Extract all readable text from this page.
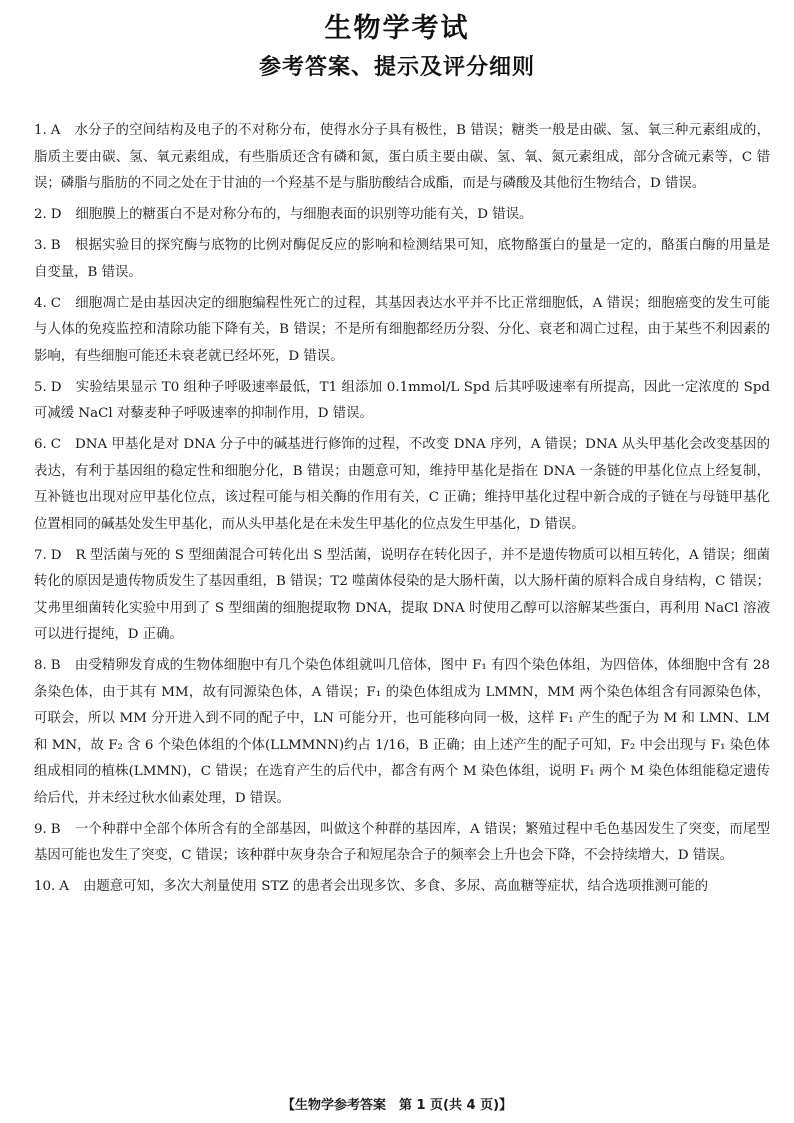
生物学考试
参考答案、提示及评分细则
1. A 水分子的空间结构及电子的不对称分布，使得水分子具有极性，B 错误；糖类一般是由碳、氢、氧三种元素组成的，脂质主要由碳、氢、氧元素组成，有些脂质还含有磷和氮，蛋白质主要由碳、氢、氧、氮元素组成，部分含硫元素等，C 错误；磷脂与脂肪的不同之处在于甘油的一个羟基不是与脂肪酸结合成酯，而是与磷酸及其他衍生物结合，D 错误。
2. D 细胞膜上的糖蛋白不是对称分布的，与细胞表面的识别等功能有关，D 错误。
3. B 根据实验目的探究酶与底物的比例对酶促反应的影响和检测结果可知，底物酪蛋白的量是一定的，酪蛋白酶的用量是自变量，B 错误。
4. C 细胞凋亡是由基因决定的细胞编程性死亡的过程，其基因表达水平并不比正常细胞低，A 错误；细胞癌变的发生可能与人体的免疫监控和清除功能下降有关，B 错误；不是所有细胞都经历分裂、分化、衰老和凋亡过程，由于某些不利因素的影响，有些细胞可能还未衰老就已经坏死，D 错误。
5. D 实验结果显示 T0 组种子呼吸速率最低，T1 组添加 0.1mmol/L Spd 后其呼吸速率有所提高，因此一定浓度的 Spd 可减缓 NaCl 对藜麦种子呼吸速率的抑制作用，D 错误。
6. C DNA 甲基化是对 DNA 分子中的碱基进行修饰的过程，不改变 DNA 序列，A 错误；DNA 从头甲基化会改变基因的表达，有利于基因组的稳定性和细胞分化，B 错误；由题意可知，维持甲基化是指在 DNA 一条链的甲基化位点上经复制，互补链也出现对应甲基化位点，该过程可能与相关酶的作用有关，C 正确；维持甲基化过程中新合成的子链在与母链甲基化位置相同的碱基处发生甲基化，而从头甲基化是在未发生甲基化的位点发生甲基化，D 错误。
7. D R 型活菌与死的 S 型细菌混合可转化出 S 型活菌，说明存在转化因子，并不是遗传物质可以相互转化，A 错误；细菌转化的原因是遗传物质发生了基因重组，B 错误；T2 噬菌体侵染的是大肠杆菌，以大肠杆菌的原料合成自身结构，C 错误；艾弗里细菌转化实验中用到了 S 型细菌的细胞提取物 DNA，提取 DNA 时使用乙醇可以溶解某些蛋白，再利用 NaCl 溶液可以进行提纯，D 正确。
8. B 由受精卵发育成的生物体细胞中有几个染色体组就叫几倍体，图中 F₁ 有四个染色体组，为四倍体，体细胞中含有 28 条染色体，由于其有 MM，故有同源染色体，A 错误；F₁ 的染色体组成为 LMMN，MM 两个染色体组含有同源染色体，可联会，所以 MM 分开进入到不同的配子中，LN 可能分开，也可能移向同一极，这样 F₁ 产生的配子为 M 和 LMN、LM 和 MN，故 F₂ 含 6 个染色体组的个体(LLMMNN)约占 1/16，B 正确；由上述产生的配子可知，F₂ 中会出现与 F₁ 染色体组成相同的植株(LMMN)，C 错误；在选育产生的后代中，都含有两个 M 染色体组，说明 F₁ 两个 M 染色体组能稳定遗传给后代，并未经过秋水仙素处理，D 错误。
9. B 一个种群中全部个体所含有的全部基因，叫做这个种群的基因库，A 错误；繁殖过程中毛色基因发生了突变，而尾型基因可能也发生了突变，C 错误；该种群中灰身杂合子和短尾杂合子的频率会上升也会下降，不会持续增大，D 错误。
10. A 由题意可知，多次大剂量使用 STZ 的患者会出现多饮、多食、多尿、高血糖等症状，结合选项推测可能的
【生物学参考答案　第 1 页(共 4 页)】
